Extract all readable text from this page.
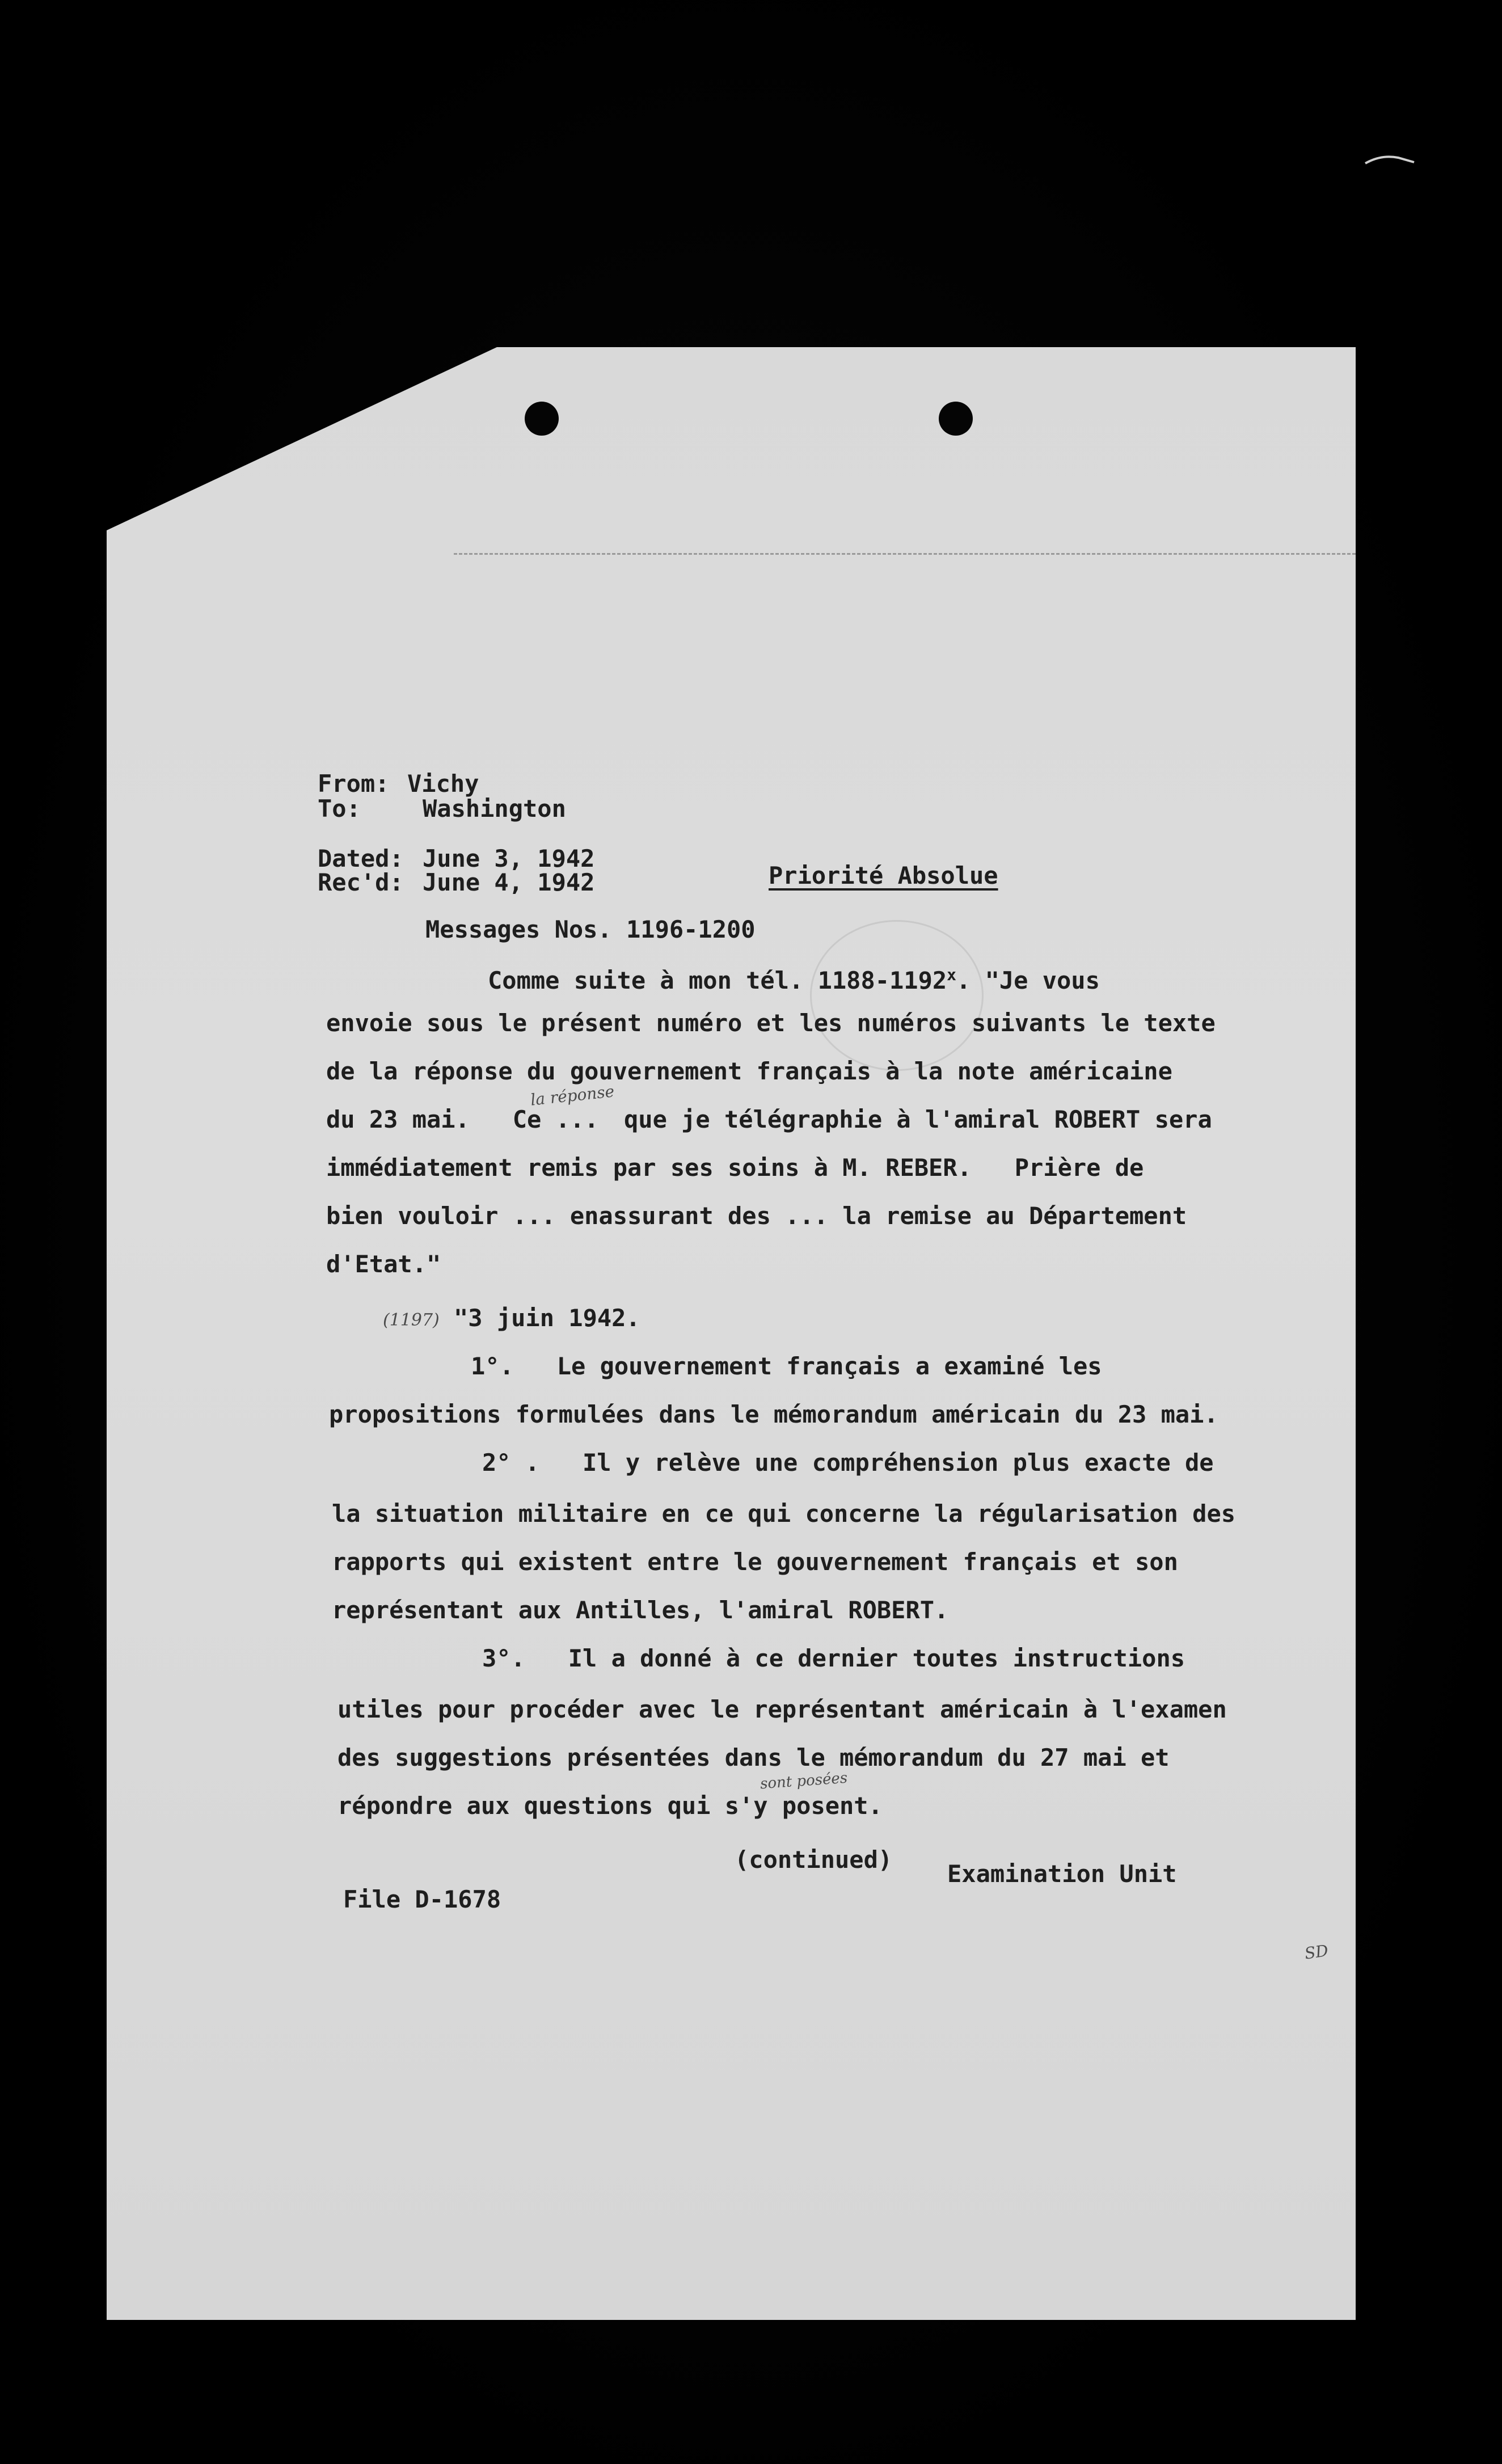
From: Vichy
To:	Washington
Dated: June 3, 1942
Rec'd: June 4, 1942	Priorité Absolue
Messages Nos. 1196-1200
Comme suite à mon tél. 1188-1192$^x$. "Je vous
envoie sous le présent numéro et les numéros suivants le texte
de la réponse du gouvernement français à la note américaine
du 23 mai.   Ce ... que je télégraphie à l'amiral ROBERT sera
la réponse
immédiatement remis par ses soins à M. REBER.   Prière de
bien vouloir ... enassurant des ... la remise au Département
d'Etat."
(1197) "3 juin 1942.
1°.   Le gouvernement français a examiné les
propositions formulées dans le mémorandum américain du 23 mai.
2° .   Il y relève une compréhension plus exacte de
la situation militaire en ce qui concerne la régularisation des
rapports qui existent entre le gouvernement français et son
représentant aux Antilles, l'amiral ROBERT.
3°.   Il a donné à ce dernier toutes instructions
utiles pour procéder avec le représentant américain à l'examen
des suggestions présentées dans le mémorandum du 27 mai et
répondre aux questions qui s'y posent.
sont posées
(continued)
Examination Unit
File D-1678
SD
